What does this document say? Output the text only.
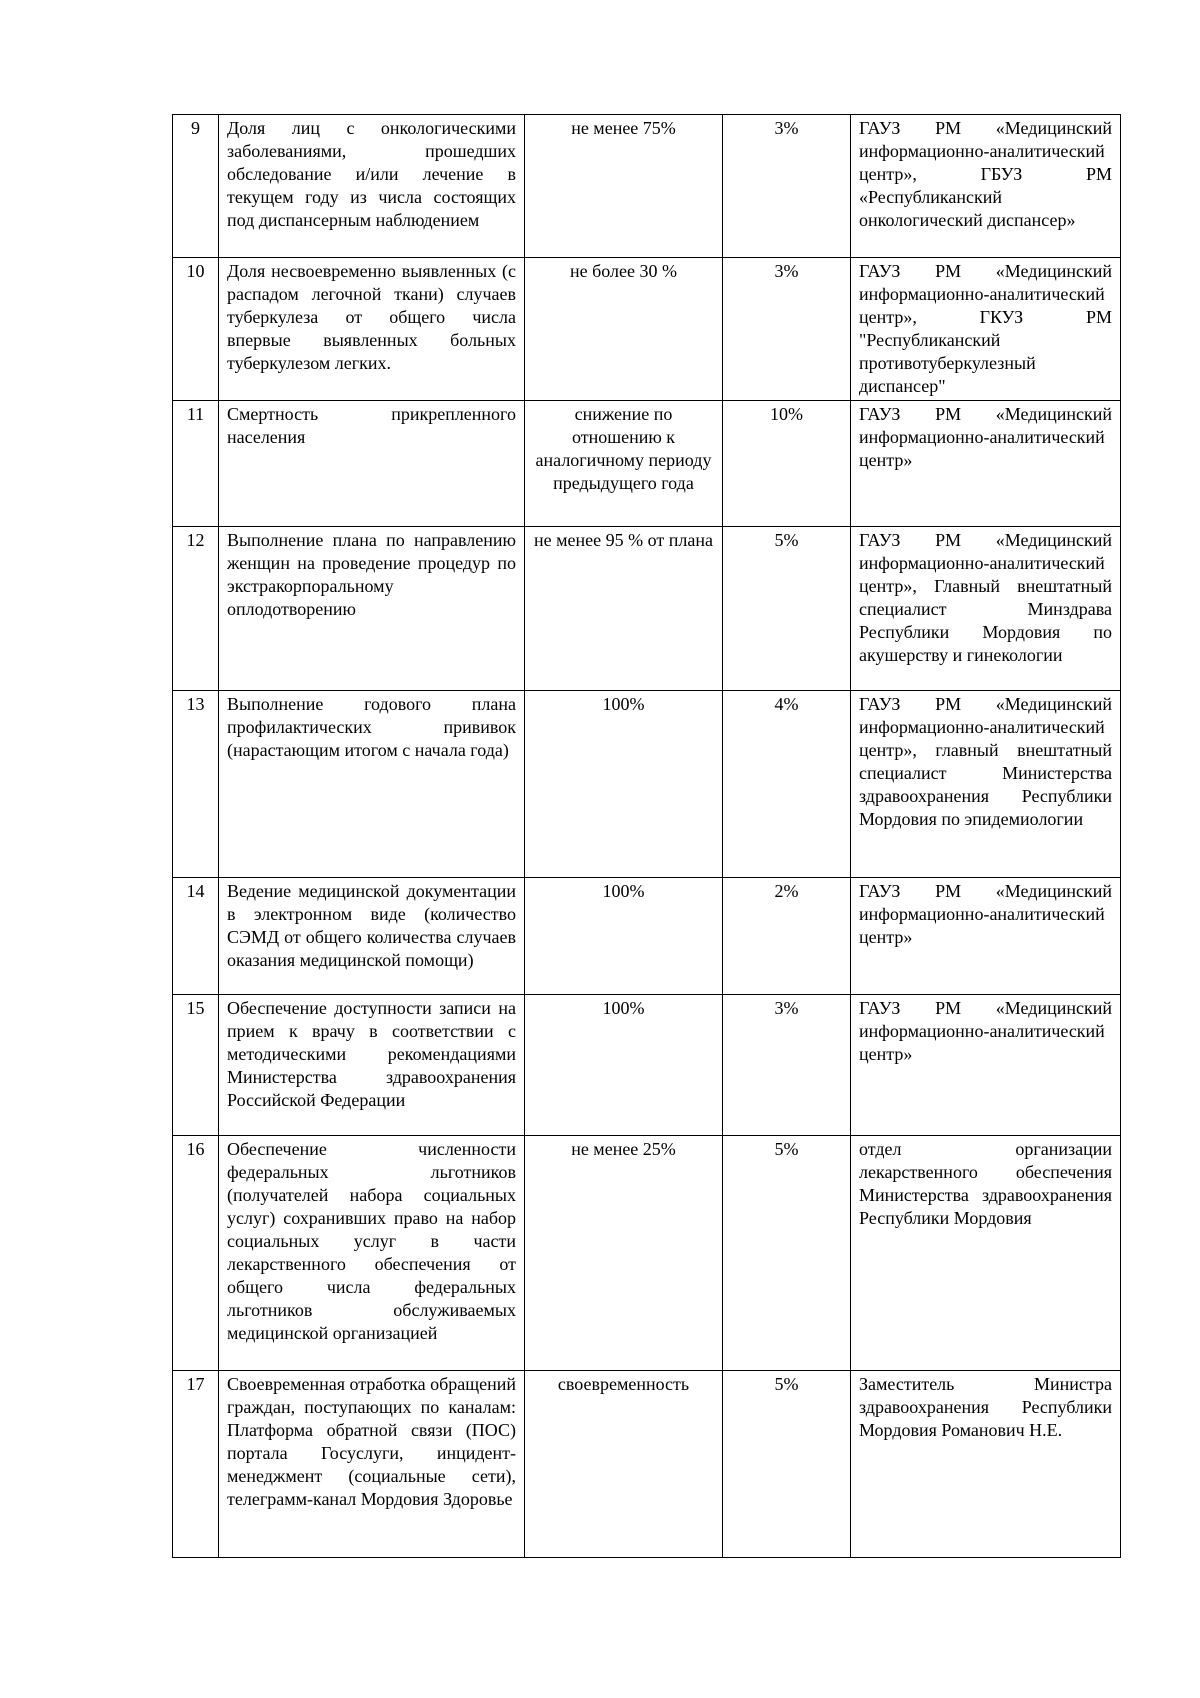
9	Доля лиц с онкологическими заболеваниями, прошедших обследование и/или лечение в текущем году из числа состоящих под диспансерным наблюдением	не менее 75%	3%	ГАУЗ РМ «Медицинский информационно-аналитический центр», ГБУЗ РМ «Республиканский онкологический диспансер»
10	Доля несвоевременно выявленных (с распадом легочной ткани) случаев туберкулеза от общего числа впервые выявленных больных туберкулезом легких.	не более 30 %	3%	ГАУЗ РМ «Медицинский информационно-аналитический центр», ГКУЗ РМ "Республиканский противотуберкулезный диспансер"
11	Смертность прикрепленного населения	снижение по отношению к аналогичному периоду предыдущего года	10%	ГАУЗ РМ «Медицинский информационно-аналитический центр»
12	Выполнение плана по направлению женщин на проведение процедур по экстракорпоральному оплодотворению	не менее 95 % от плана	5%	ГАУЗ РМ «Медицинский информационно-аналитический центр», Главный внештатный специалист Минздрава Республики Мордовия по акушерству и гинекологии
13	Выполнение годового плана профилактических прививок (нарастающим итогом с начала года)	100%	4%	ГАУЗ РМ «Медицинский информационно-аналитический центр», главный внештатный специалист Министерства здравоохранения Республики Мордовия по эпидемиологии
14	Ведение медицинской документации в электронном виде (количество СЭМД от общего количества случаев оказания медицинской помощи)	100%	2%	ГАУЗ РМ «Медицинский информационно-аналитический центр»
15	Обеспечение доступности записи на прием к врачу в соответствии с методическими рекомендациями Министерства здравоохранения Российской Федерации	100%	3%	ГАУЗ РМ «Медицинский информационно-аналитический центр»
16	Обеспечение численности федеральных льготников (получателей набора социальных услуг) сохранивших право на набор социальных услуг в части лекарственного обеспечения от общего числа федеральных льготников обслуживаемых медицинской организацией	не менее 25%	5%	отдел организации лекарственного обеспечения Министерства здравоохранения Республики Мордовия
17	Своевременная отработка обращений граждан, поступающих по каналам: Платформа обратной связи (ПОС) портала Госуслуги, инцидент-менеджмент (социальные сети), телеграмм-канал Мордовия Здоровье	своевременность	5%	Заместитель Министра здравоохранения Республики Мордовия Романович Н.Е.
